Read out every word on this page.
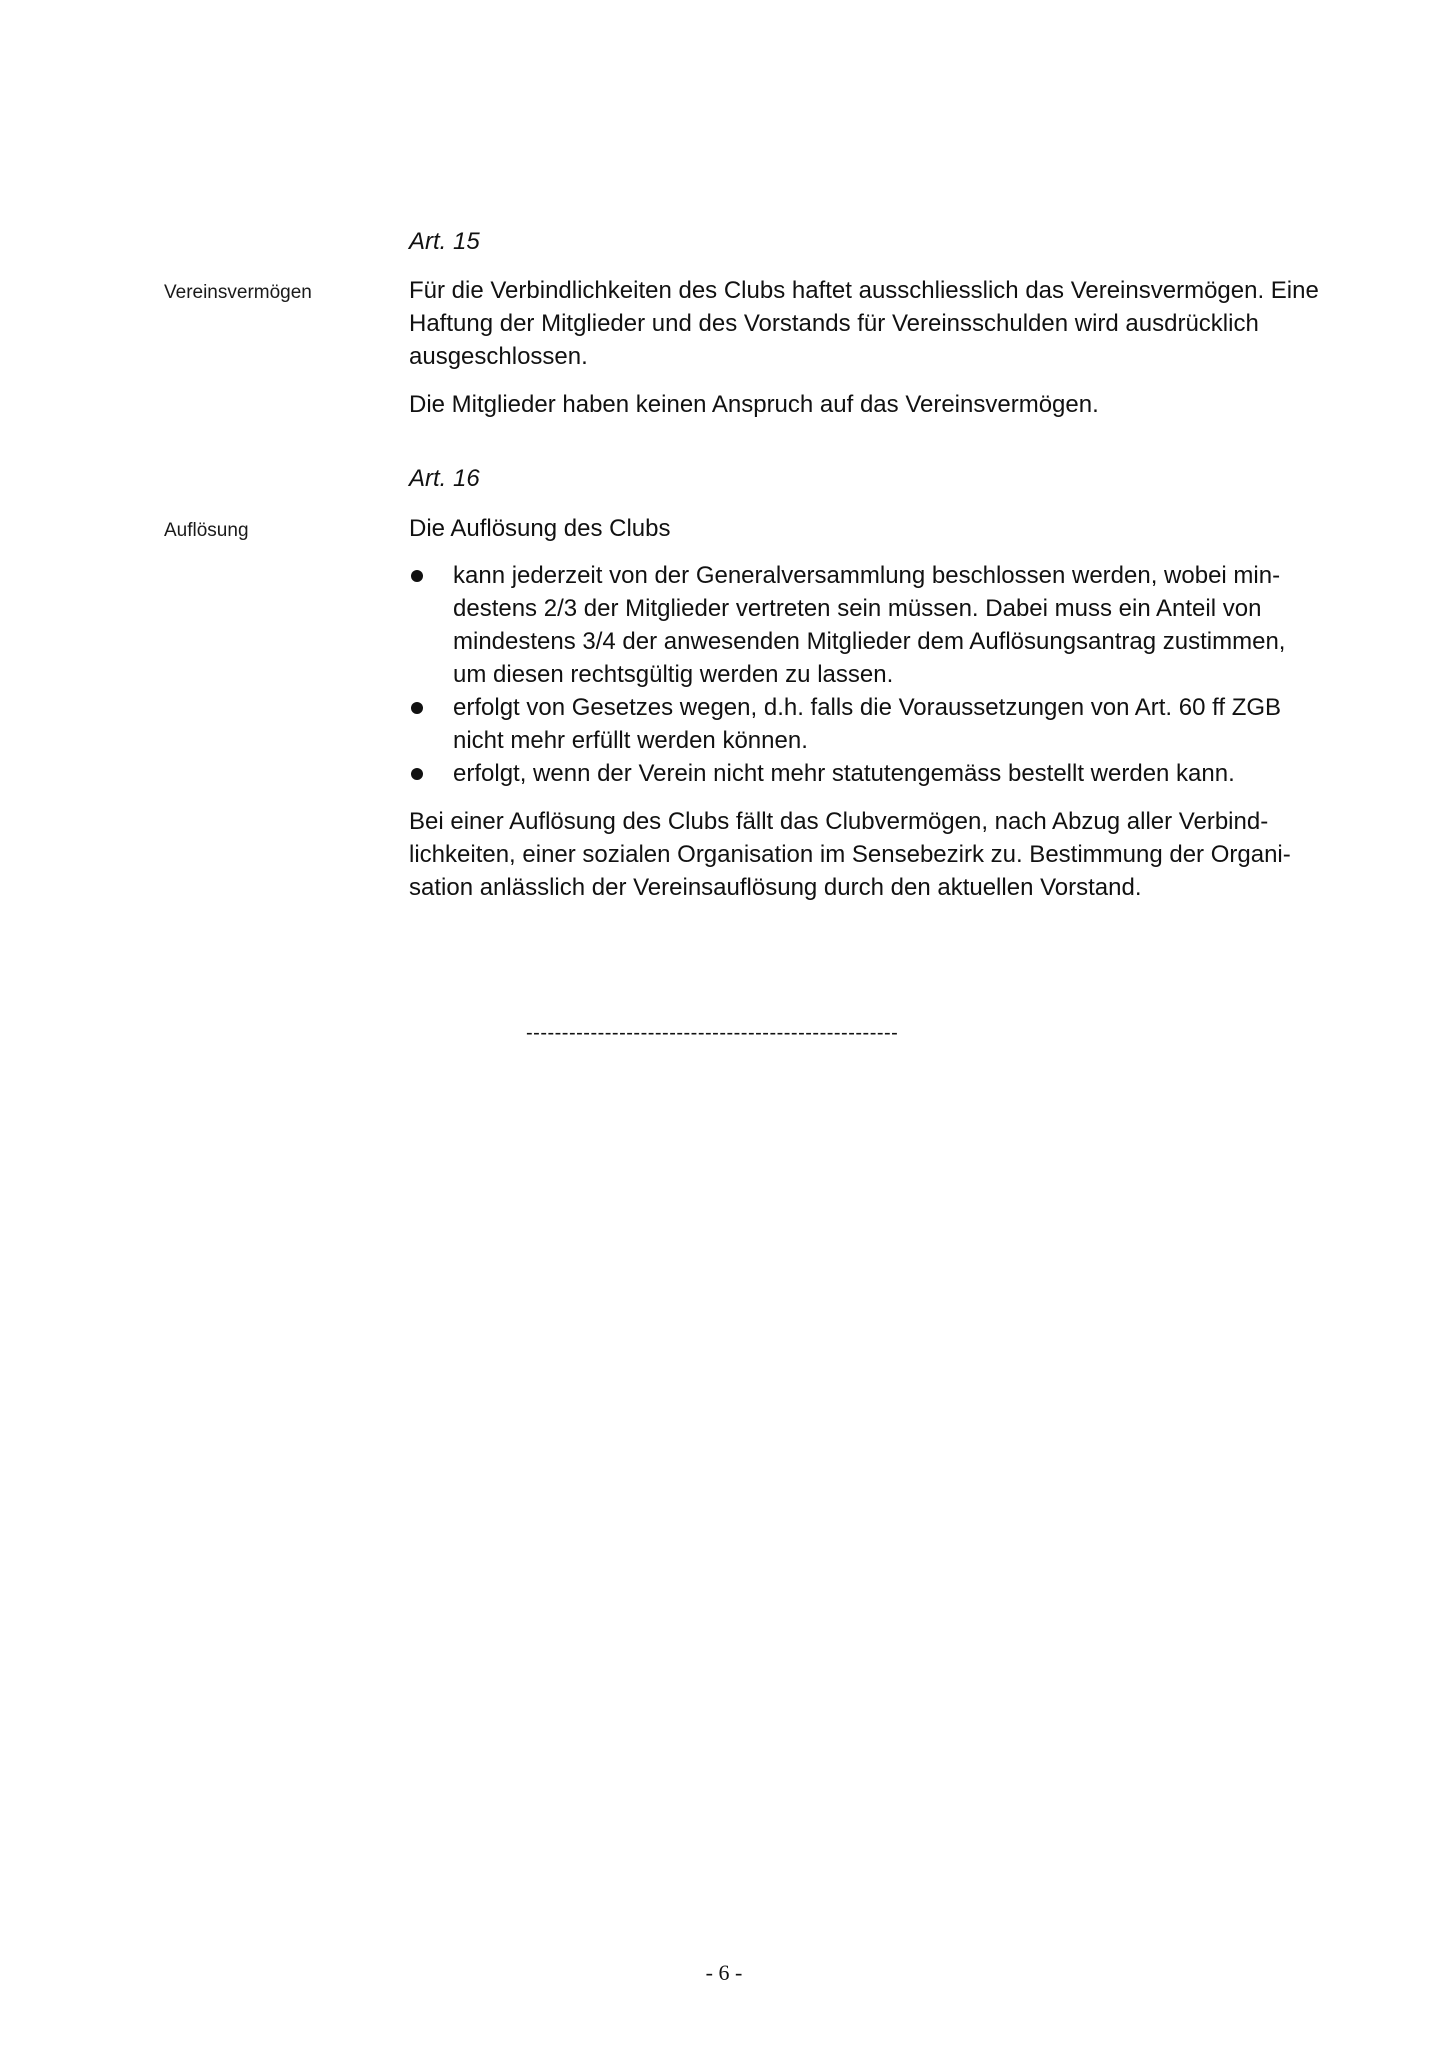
Art. 15
Vereinsvermögen	Für die Verbindlichkeiten des Clubs haftet ausschliesslich das Vereinsvermögen. Eine Haftung der Mitglieder und des Vorstands für Vereinsschulden wird ausdrücklich ausgeschlossen.

Die Mitglieder haben keinen Anspruch auf das Vereinsvermögen.

Art. 16
Auflösung	Die Auflösung des Clubs

kann jederzeit von der Generalversammlung beschlossen werden, wobei mindestens 2/3 der Mitglieder vertreten sein müssen. Dabei muss ein Anteil von mindestens 3/4 der anwesenden Mitglieder dem Auflösungsantrag zustimmen, um diesen rechtsgültig werden zu lassen.
erfolgt von Gesetzes wegen, d.h. falls die Voraussetzungen von Art. 60 ff ZGB nicht mehr erfüllt werden können.
erfolgt, wenn der Verein nicht mehr statutengemäss bestellt werden kann.

Bei einer Auflösung des Clubs fällt das Clubvermögen, nach Abzug aller Verbindlichkeiten, einer sozialen Organisation im Sensebezirk zu. Bestimmung der Organisation anlässlich der Vereinsauflösung durch den aktuellen Vorstand.

----------------------------------------------------
- 6 -
